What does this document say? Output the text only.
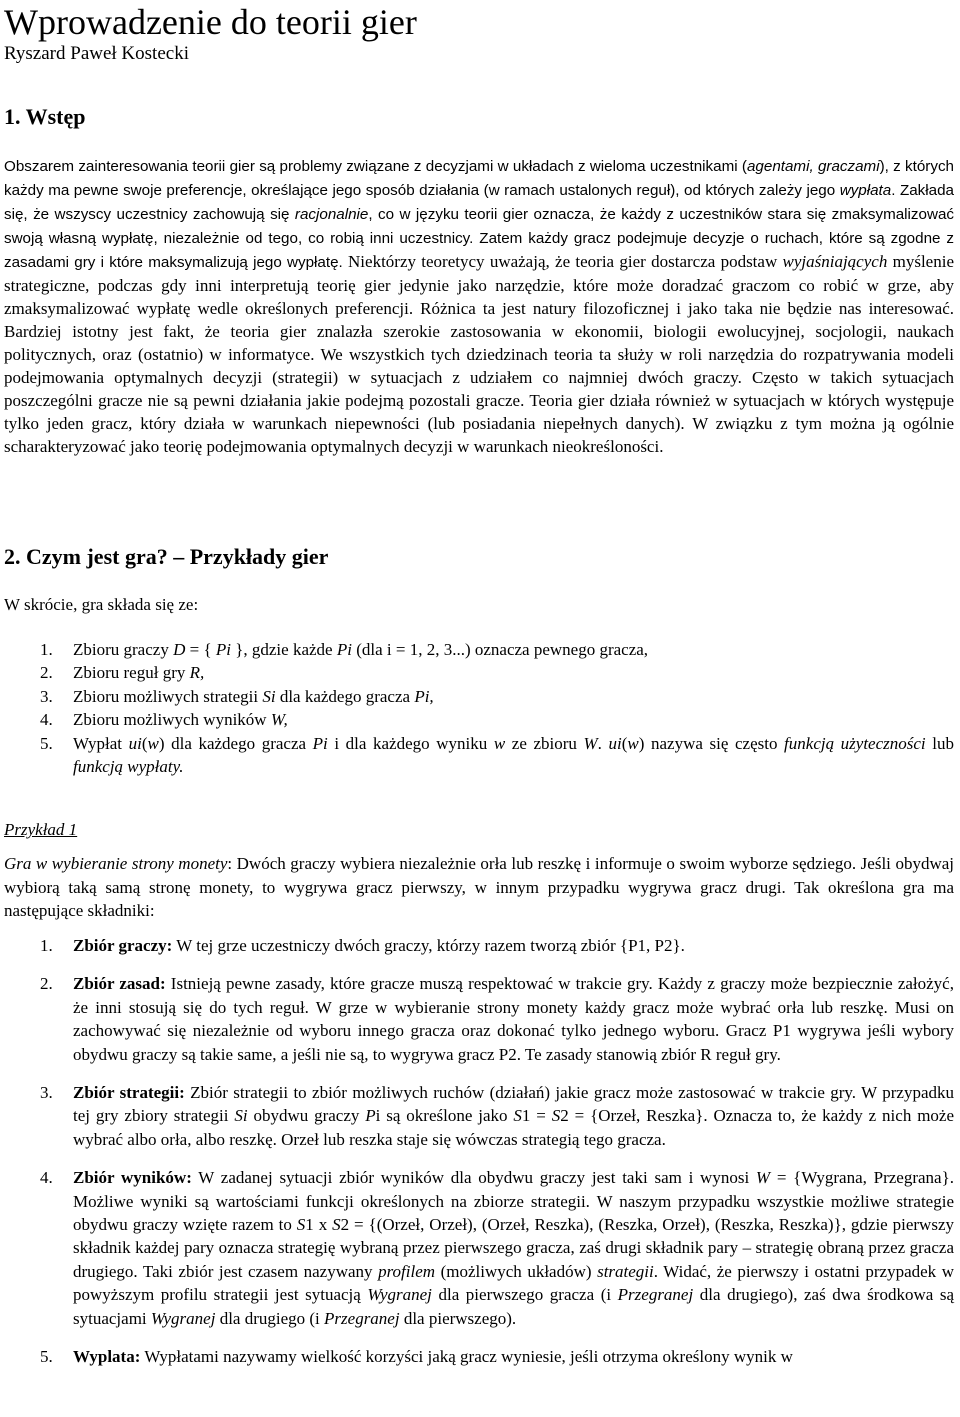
Wprowadzenie do teorii gier
Ryszard Paweł Kostecki
1. Wstęp

Obszarem zainteresowania teorii gier są problemy związane z decyzjami w układach z wieloma uczestnikami (agentami, graczami), z których każdy ma pewne swoje preferencje, określające jego sposób działania (w ramach ustalonych reguł), od których zależy jego wypłata. Zakłada się, że wszyscy uczestnicy zachowują się racjonalnie, co w języku teorii gier oznacza, że każdy z uczestników stara się zmaksymalizować swoją własną wypłatę, niezależnie od tego, co robią inni uczestnicy. Zatem każdy gracz podejmuje decyzje o ruchach, które są zgodne z zasadami gry i które maksymalizują jego wypłatę. Niektórzy teoretycy uważają, że teoria gier dostarcza podstaw wyjaśniających myślenie strategiczne, podczas gdy inni interpretują teorię gier jedynie jako narzędzie, które może doradzać graczom co robić w grze, aby zmaksymalizować wypłatę wedle określonych preferencji. Różnica ta jest natury filozoficznej i jako taka nie będzie nas interesować. Bardziej istotny jest fakt, że teoria gier znalazła szerokie zastosowania w ekonomii, biologii ewolucyjnej, socjologii, naukach politycznych, oraz (ostatnio) w informatyce. We wszystkich tych dziedzinach teoria ta służy w roli narzędzia do rozpatrywania modeli podejmowania optymalnych decyzji (strategii) w sytuacjach z udziałem co najmniej dwóch graczy. Często w takich sytuacjach poszczególni gracze nie są pewni działania jakie podejmą pozostali gracze. Teoria gier działa również w sytuacjach w których występuje tylko jeden gracz, który działa w warunkach niepewności (lub posiadania niepełnych danych). W związku z tym można ją ogólnie scharakteryzować jako teorię podejmowania optymalnych decyzji w warunkach nieokreśloności.

2. Czym jest gra? – Przykłady gier

W skrócie, gra składa się ze:

1. Zbioru graczy D = { Pi }, gdzie każde Pi (dla i = 1, 2, 3...) oznacza pewnego gracza,
2. Zbioru reguł gry R,
3. Zbioru możliwych strategii Si dla każdego gracza Pi,
4. Zbioru możliwych wyników W,
5. Wypłat ui(w) dla każdego gracza Pi i dla każdego wyniku w ze zbioru W. ui(w) nazywa się często funkcją użyteczności lub funkcją wypłaty.
Przykład 1

Gra w wybieranie strony monety: Dwóch graczy wybiera niezależnie orła lub reszkę i informuje o swoim wyborze sędziego. Jeśli obydwaj wybiorą taką samą stronę monety, to wygrywa gracz pierwszy, w innym przypadku wygrywa gracz drugi. Tak określona gra ma następujące składniki:

1. Zbiór graczy: W tej grze uczestniczy dwóch graczy, którzy razem tworzą zbiór {P1, P2}.
2. Zbiór zasad: Istnieją pewne zasady, które gracze muszą respektować w trakcie gry. Każdy z graczy może bezpiecznie założyć, że inni stosują się do tych reguł. W grze w wybieranie strony monety każdy gracz może wybrać orła lub reszkę. Musi on zachowywać się niezależnie od wyboru innego gracza oraz dokonać tylko jednego wyboru. Gracz P1 wygrywa jeśli wybory obydwu graczy są takie same, a jeśli nie są, to wygrywa gracz P2. Te zasady stanowią zbiór R reguł gry.
3. Zbiór strategii: Zbiór strategii to zbiór możliwych ruchów (działań) jakie gracz może zastosować w trakcie gry. W przypadku tej gry zbiory strategii Si obydwu graczy Pi są określone jako S1 = S2 = {Orzeł, Reszka}. Oznacza to, że każdy z nich może wybrać albo orła, albo reszkę. Orzeł lub reszka staje się wówczas strategią tego gracza.
4. Zbiór wyników: W zadanej sytuacji zbiór wyników dla obydwu graczy jest taki sam i wynosi W = {Wygrana, Przegrana}. Możliwe wyniki są wartościami funkcji określonych na zbiorze strategii. W naszym przypadku wszystkie możliwe strategie obydwu graczy wzięte razem to S1 x S2 = {(Orzeł, Orzeł), (Orzeł, Reszka), (Reszka, Orzeł), (Reszka, Reszka)}, gdzie pierwszy składnik każdej pary oznacza strategię wybraną przez pierwszego gracza, zaś drugi składnik pary – strategię obraną przez gracza drugiego. Taki zbiór jest czasem nazywany profilem (możliwych układów) strategii. Widać, że pierwszy i ostatni przypadek w powyższym profilu strategii jest sytuacją Wygranej dla pierwszego gracza (i Przegranej dla drugiego), zaś dwa środkowa są sytuacjami Wygranej dla drugiego (i Przegranej dla pierwszego).
5. Wyplata: Wypłatami nazywamy wielkość korzyści jaką gracz wyniesie, jeśli otrzyma określony wynik w
